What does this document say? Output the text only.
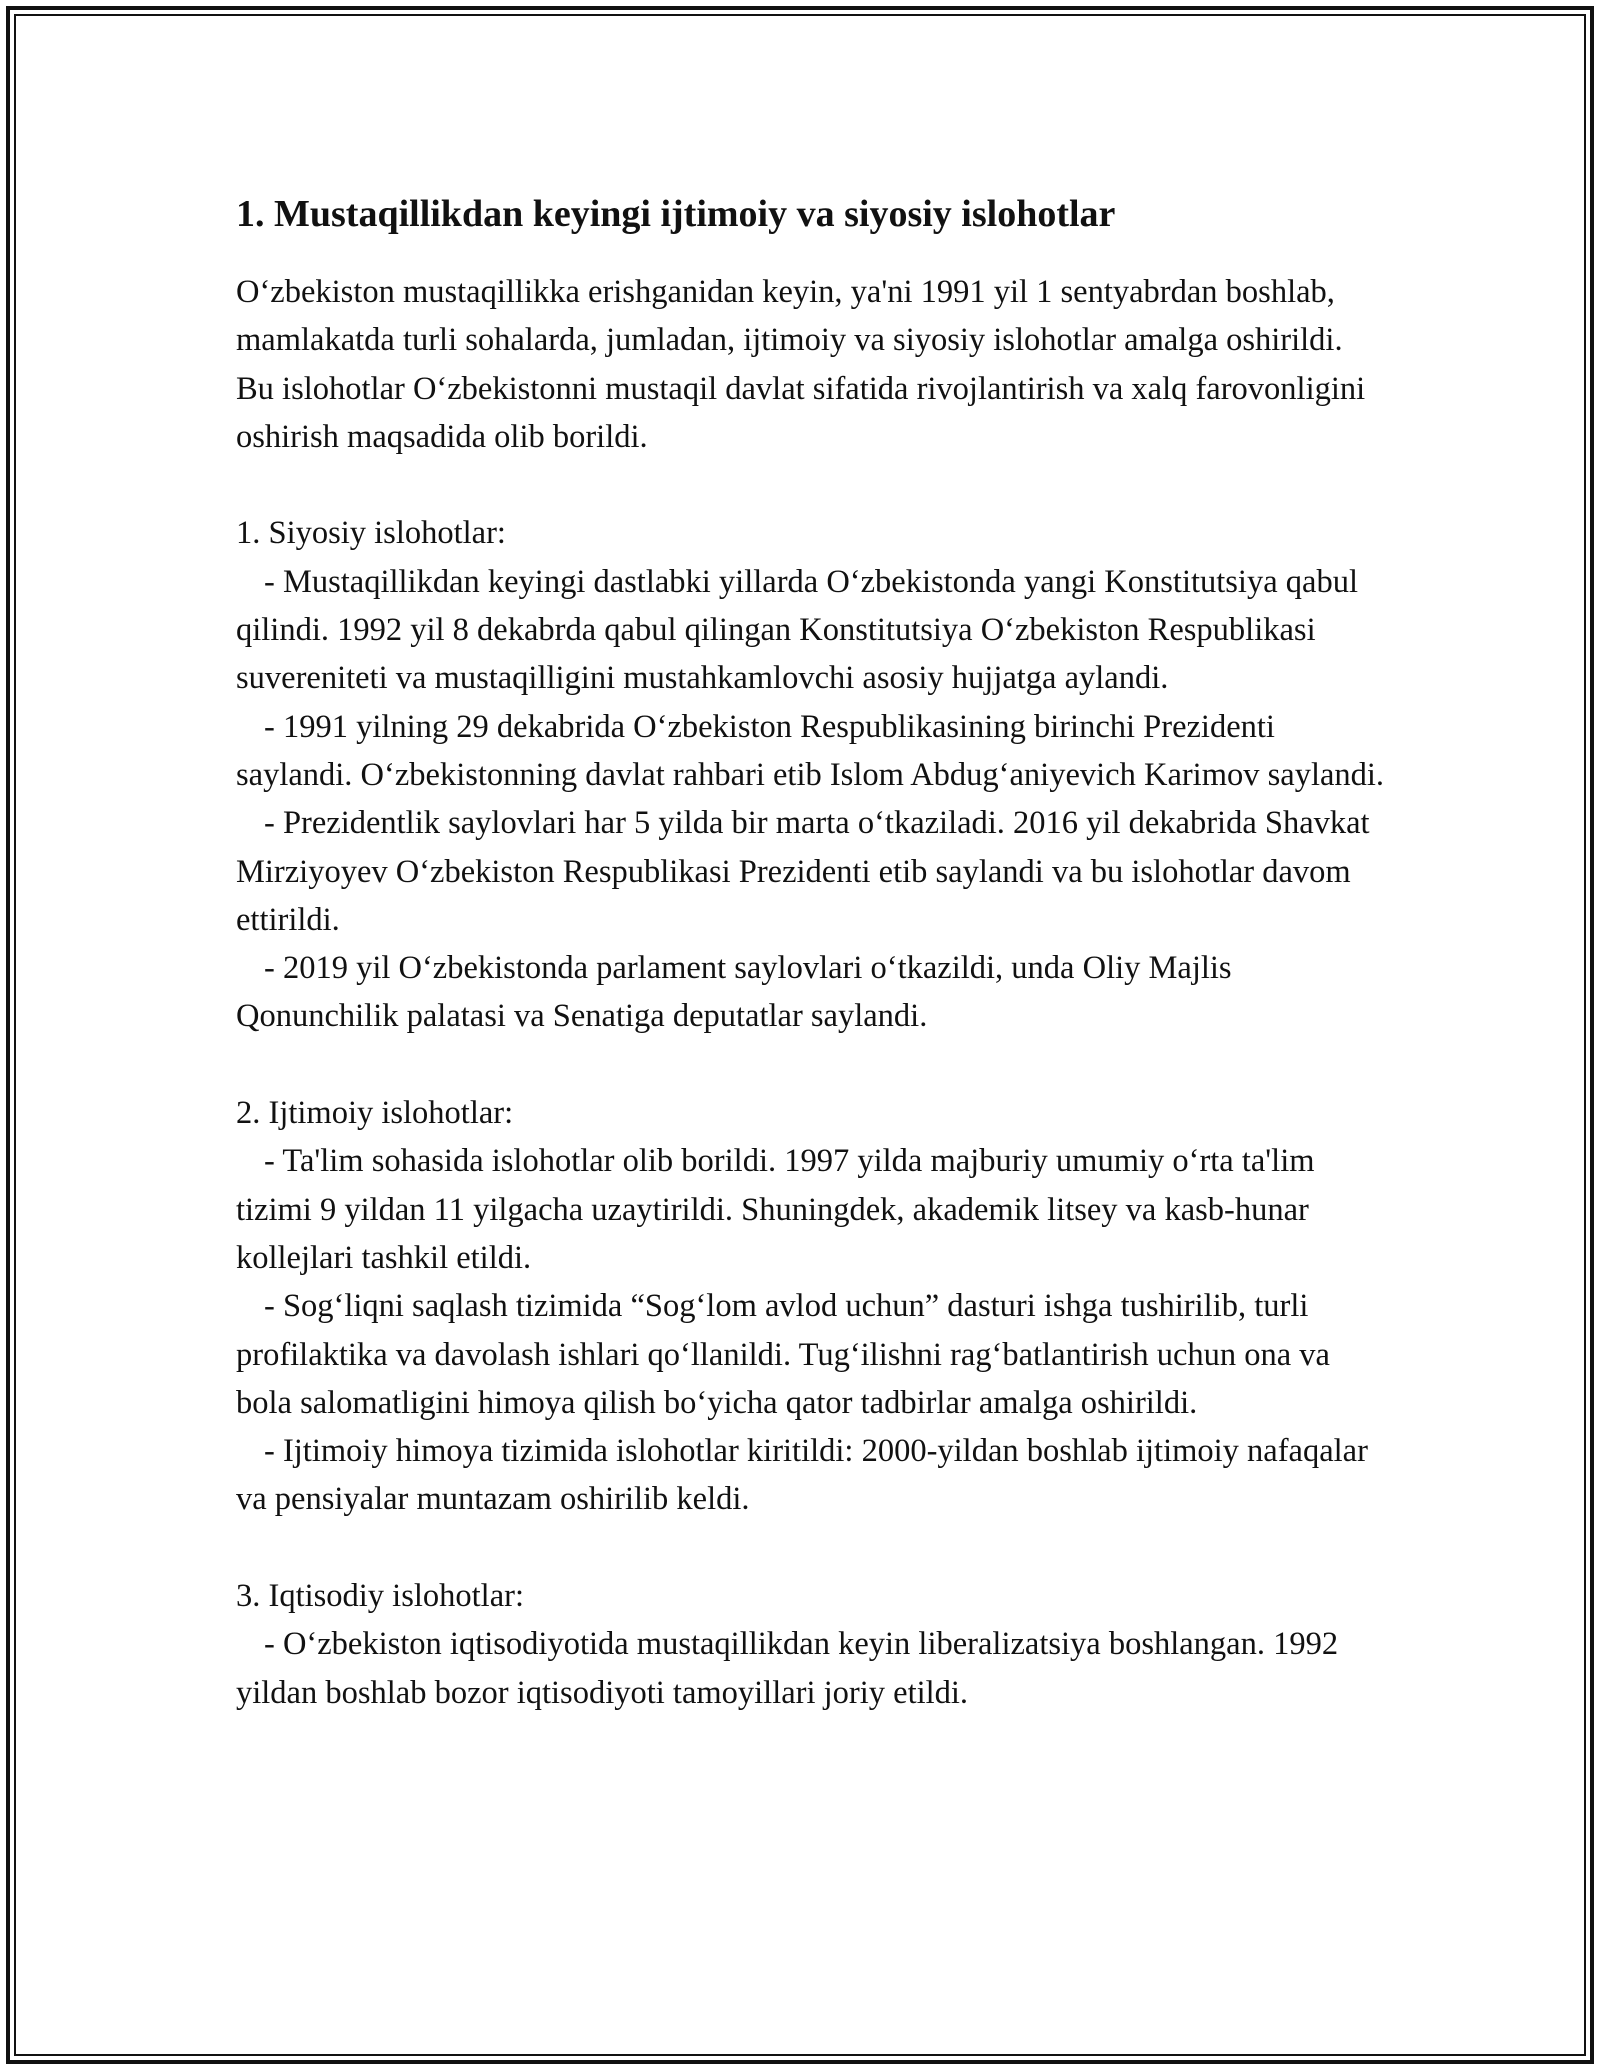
1. Mustaqillikdan keyingi ijtimoiy va siyosiy islohotlar

O‘zbekiston mustaqillikka erishganidan keyin, ya'ni 1991 yil 1 sentyabrdan boshlab, mamlakatda turli sohalarda, jumladan, ijtimoiy va siyosiy islohotlar amalga oshirildi. Bu islohotlar O‘zbekistonni mustaqil davlat sifatida rivojlantirish va xalq farovonligini oshirish maqsadida olib borildi.

1. Siyosiy islohotlar:

- Mustaqillikdan keyingi dastlabki yillarda O‘zbekistonda yangi Konstitutsiya qabul qilindi. 1992 yil 8 dekabrda qabul qilingan Konstitutsiya O‘zbekiston Respublikasi suvereniteti va mustaqilligini mustahkamlovchi asosiy hujjatga aylandi.

- 1991 yilning 29 dekabrida O‘zbekiston Respublikasining birinchi Prezidenti saylandi. O‘zbekistonning davlat rahbari etib Islom Abdug‘aniyevich Karimov saylandi.

- Prezidentlik saylovlari har 5 yilda bir marta o‘tkaziladi. 2016 yil dekabrida Shavkat Mirziyoyev O‘zbekiston Respublikasi Prezidenti etib saylandi va bu islohotlar davom ettirildi.

- 2019 yil O‘zbekistonda parlament saylovlari o‘tkazildi, unda Oliy Majlis Qonunchilik palatasi va Senatiga deputatlar saylandi.

2. Ijtimoiy islohotlar:

- Ta'lim sohasida islohotlar olib borildi. 1997 yilda majburiy umumiy o‘rta ta'lim tizimi 9 yildan 11 yilgacha uzaytirildi. Shuningdek, akademik litsey va kasb-hunar kollejlari tashkil etildi.

- Sog‘liqni saqlash tizimida “Sog‘lom avlod uchun” dasturi ishga tushirilib, turli profilaktika va davolash ishlari qo‘llanildi. Tug‘ilishni rag‘batlantirish uchun ona va bola salomatligini himoya qilish bo‘yicha qator tadbirlar amalga oshirildi.

- Ijtimoiy himoya tizimida islohotlar kiritildi: 2000-yildan boshlab ijtimoiy nafaqalar va pensiyalar muntazam oshirilib keldi.

3. Iqtisodiy islohotlar:

- O‘zbekiston iqtisodiyotida mustaqillikdan keyin liberalizatsiya boshlangan. 1992 yildan boshlab bozor iqtisodiyoti tamoyillari joriy etildi.
